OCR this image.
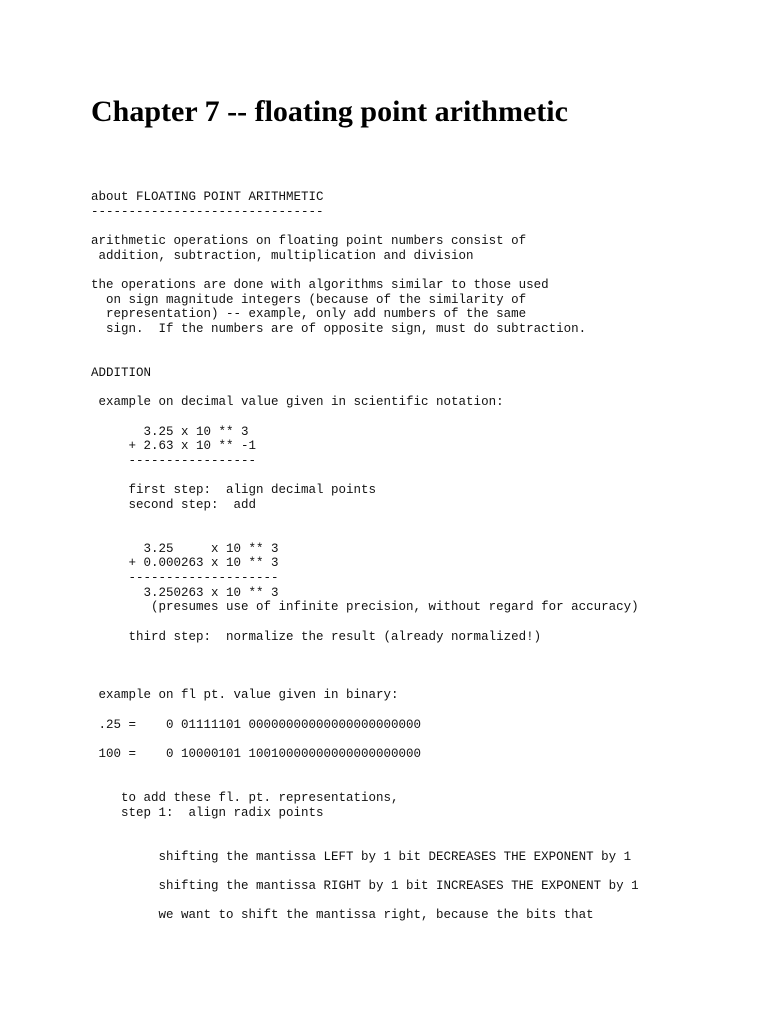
Chapter 7 -- floating point arithmetic
about FLOATING POINT ARITHMETIC
-------------------------------

arithmetic operations on floating point numbers consist of
addition, subtraction, multiplication and division

the operations are done with algorithms similar to those used
on sign magnitude integers (because of the similarity of
representation) -- example, only add numbers of the same
sign.  If the numbers are of opposite sign, must do subtraction.

ADDITION

example on decimal value given in scientific notation:

3.25 x 10 ** 3
+ 2.63 x 10 ** -1
-----------------

first step:  align decimal points
second step:  add

3.25     x 10 ** 3
+ 0.000263 x 10 ** 3
--------------------
3.250263 x 10 ** 3
(presumes use of infinite precision, without regard for accuracy)

third step:  normalize the result (already normalized!)

example on fl pt. value given in binary:

.25 =    0 01111101 00000000000000000000000

100 =    0 10000101 10010000000000000000000

to add these fl. pt. representations,
step 1:  align radix points

shifting the mantissa LEFT by 1 bit DECREASES THE EXPONENT by 1

shifting the mantissa RIGHT by 1 bit INCREASES THE EXPONENT by 1

we want to shift the mantissa right, because the bits that
